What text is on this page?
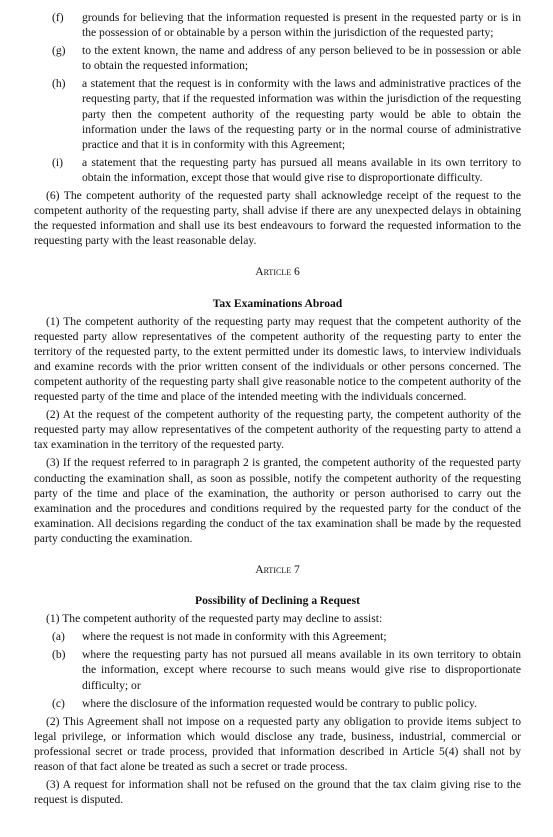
(f)	grounds for believing that the information requested is present in the requested party or is in the possession of or obtainable by a person within the jurisdiction of the requested party;
(g)	to the extent known, the name and address of any person believed to be in possession or able to obtain the requested information;
(h)	a statement that the request is in conformity with the laws and administrative practices of the requesting party, that if the requested information was within the jurisdiction of the requesting party then the competent authority of the requesting party would be able to obtain the information under the laws of the requesting party or in the normal course of administrative practice and that it is in conformity with this Agreement;
(i)	a statement that the requesting party has pursued all means available in its own territory to obtain the information, except those that would give rise to disproportionate difficulty.

(6) The competent authority of the requested party shall acknowledge receipt of the request to the competent authority of the requesting party, shall advise if there are any unexpected delays in obtaining the requested information and shall use its best endeavours to forward the requested information to the requesting party with the least reasonable delay.

Article 6
Tax Examinations Abroad

(1) The competent authority of the requesting party may request that the competent authority of the requested party allow representatives of the competent authority of the requesting party to enter the territory of the requested party, to the extent permitted under its domestic laws, to interview individuals and examine records with the prior written consent of the individuals or other persons concerned. The competent authority of the requesting party shall give reasonable notice to the competent authority of the requested party of the time and place of the intended meeting with the individuals concerned.

(2) At the request of the competent authority of the requesting party, the competent authority of the requested party may allow representatives of the competent authority of the requesting party to attend a tax examination in the territory of the requested party.

(3) If the request referred to in paragraph 2 is granted, the competent authority of the requested party conducting the examination shall, as soon as possible, notify the competent authority of the requesting party of the time and place of the examination, the authority or person authorised to carry out the examination and the procedures and conditions required by the requested party for the conduct of the examination. All decisions regarding the conduct of the tax examination shall be made by the requested party conducting the examination.

Article 7
Possibility of Declining a Request

(1) The competent authority of the requested party may decline to assist:

(a)	where the request is not made in conformity with this Agreement;
(b)	where the requesting party has not pursued all means available in its own territory to obtain the information, except where recourse to such means would give rise to disproportionate difficulty; or
(c)	where the disclosure of the information requested would be contrary to public policy.

(2) This Agreement shall not impose on a requested party any obligation to provide items subject to legal privilege, or information which would disclose any trade, business, industrial, commercial or professional secret or trade process, provided that information described in Article 5(4) shall not by reason of that fact alone be treated as such a secret or trade process.

(3) A request for information shall not be refused on the ground that the tax claim giving rise to the request is disputed.
